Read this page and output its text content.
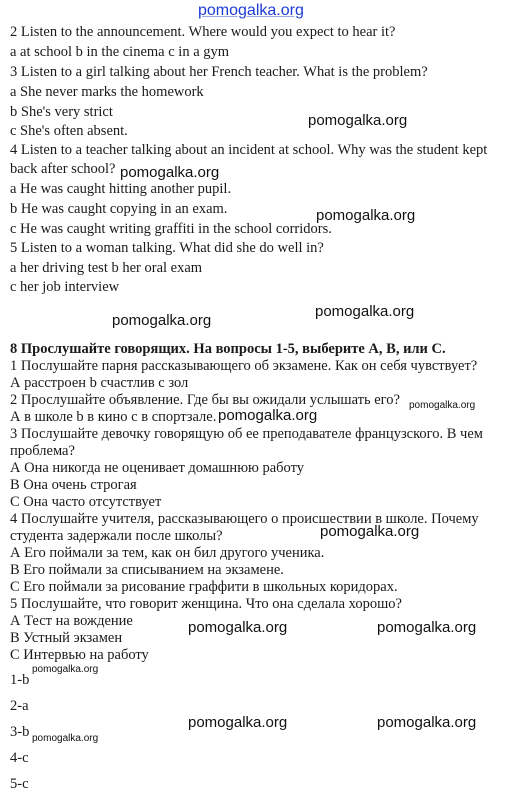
pomogalka.org
2 Listen to the announcement. Where would you expect to hear it?
a at school b in the cinema c in a gym
3 Listen to a girl talking about her French teacher. What is the problem?
a She never marks the homework
b She's very strict
c She's often absent.
4 Listen to a teacher talking about an incident at school. Why was the student kept
back after school?
a He was caught hitting another pupil.
b He was caught copying in an exam.
c He was caught writing graffiti in the school corridors.
5 Listen to a woman talking. What did she do well in?
a her driving test b her oral exam
c her job interview
8 Прослушайте говорящих. На вопросы 1-5, выберите А, В, или С.
1 Послушайте парня рассказывающего об экзамене. Как он себя чувствует?
А расстроен b счастлив с зол
2 Прослушайте объявление. Где бы вы ожидали услышать его?
А в школе b в кино с в спортзале.
3 Послушайте девочку говорящую об ее преподавателе французского. В чем
проблема?
А Она никогда не оценивает домашнюю работу
В Она очень строгая
С Она часто отсутствует
4 Послушайте учителя, рассказывающего о происшествии в школе. Почему
студента задержали после школы?
А Его поймали за тем, как он бил другого ученика.
В Его поймали за списыванием на экзамене.
С Его поймали за рисование граффити в школьных коридорах.
5 Послушайте, что говорит женщина. Что она сделала хорошо?
А Тест на вождение
В Устный экзамен
С Интервью на работу
1-b
2-a
3-b
4-c
5-c
pomogalka.org
pomogalka.org
pomogalka.org
pomogalka.org
pomogalka.org
pomogalka.org
pomogalka.org
pomogalka.org
pomogalka.org	pomogalka.org
pomogalka.org
pomogalka.org	pomogalka.org
pomogalka.org
